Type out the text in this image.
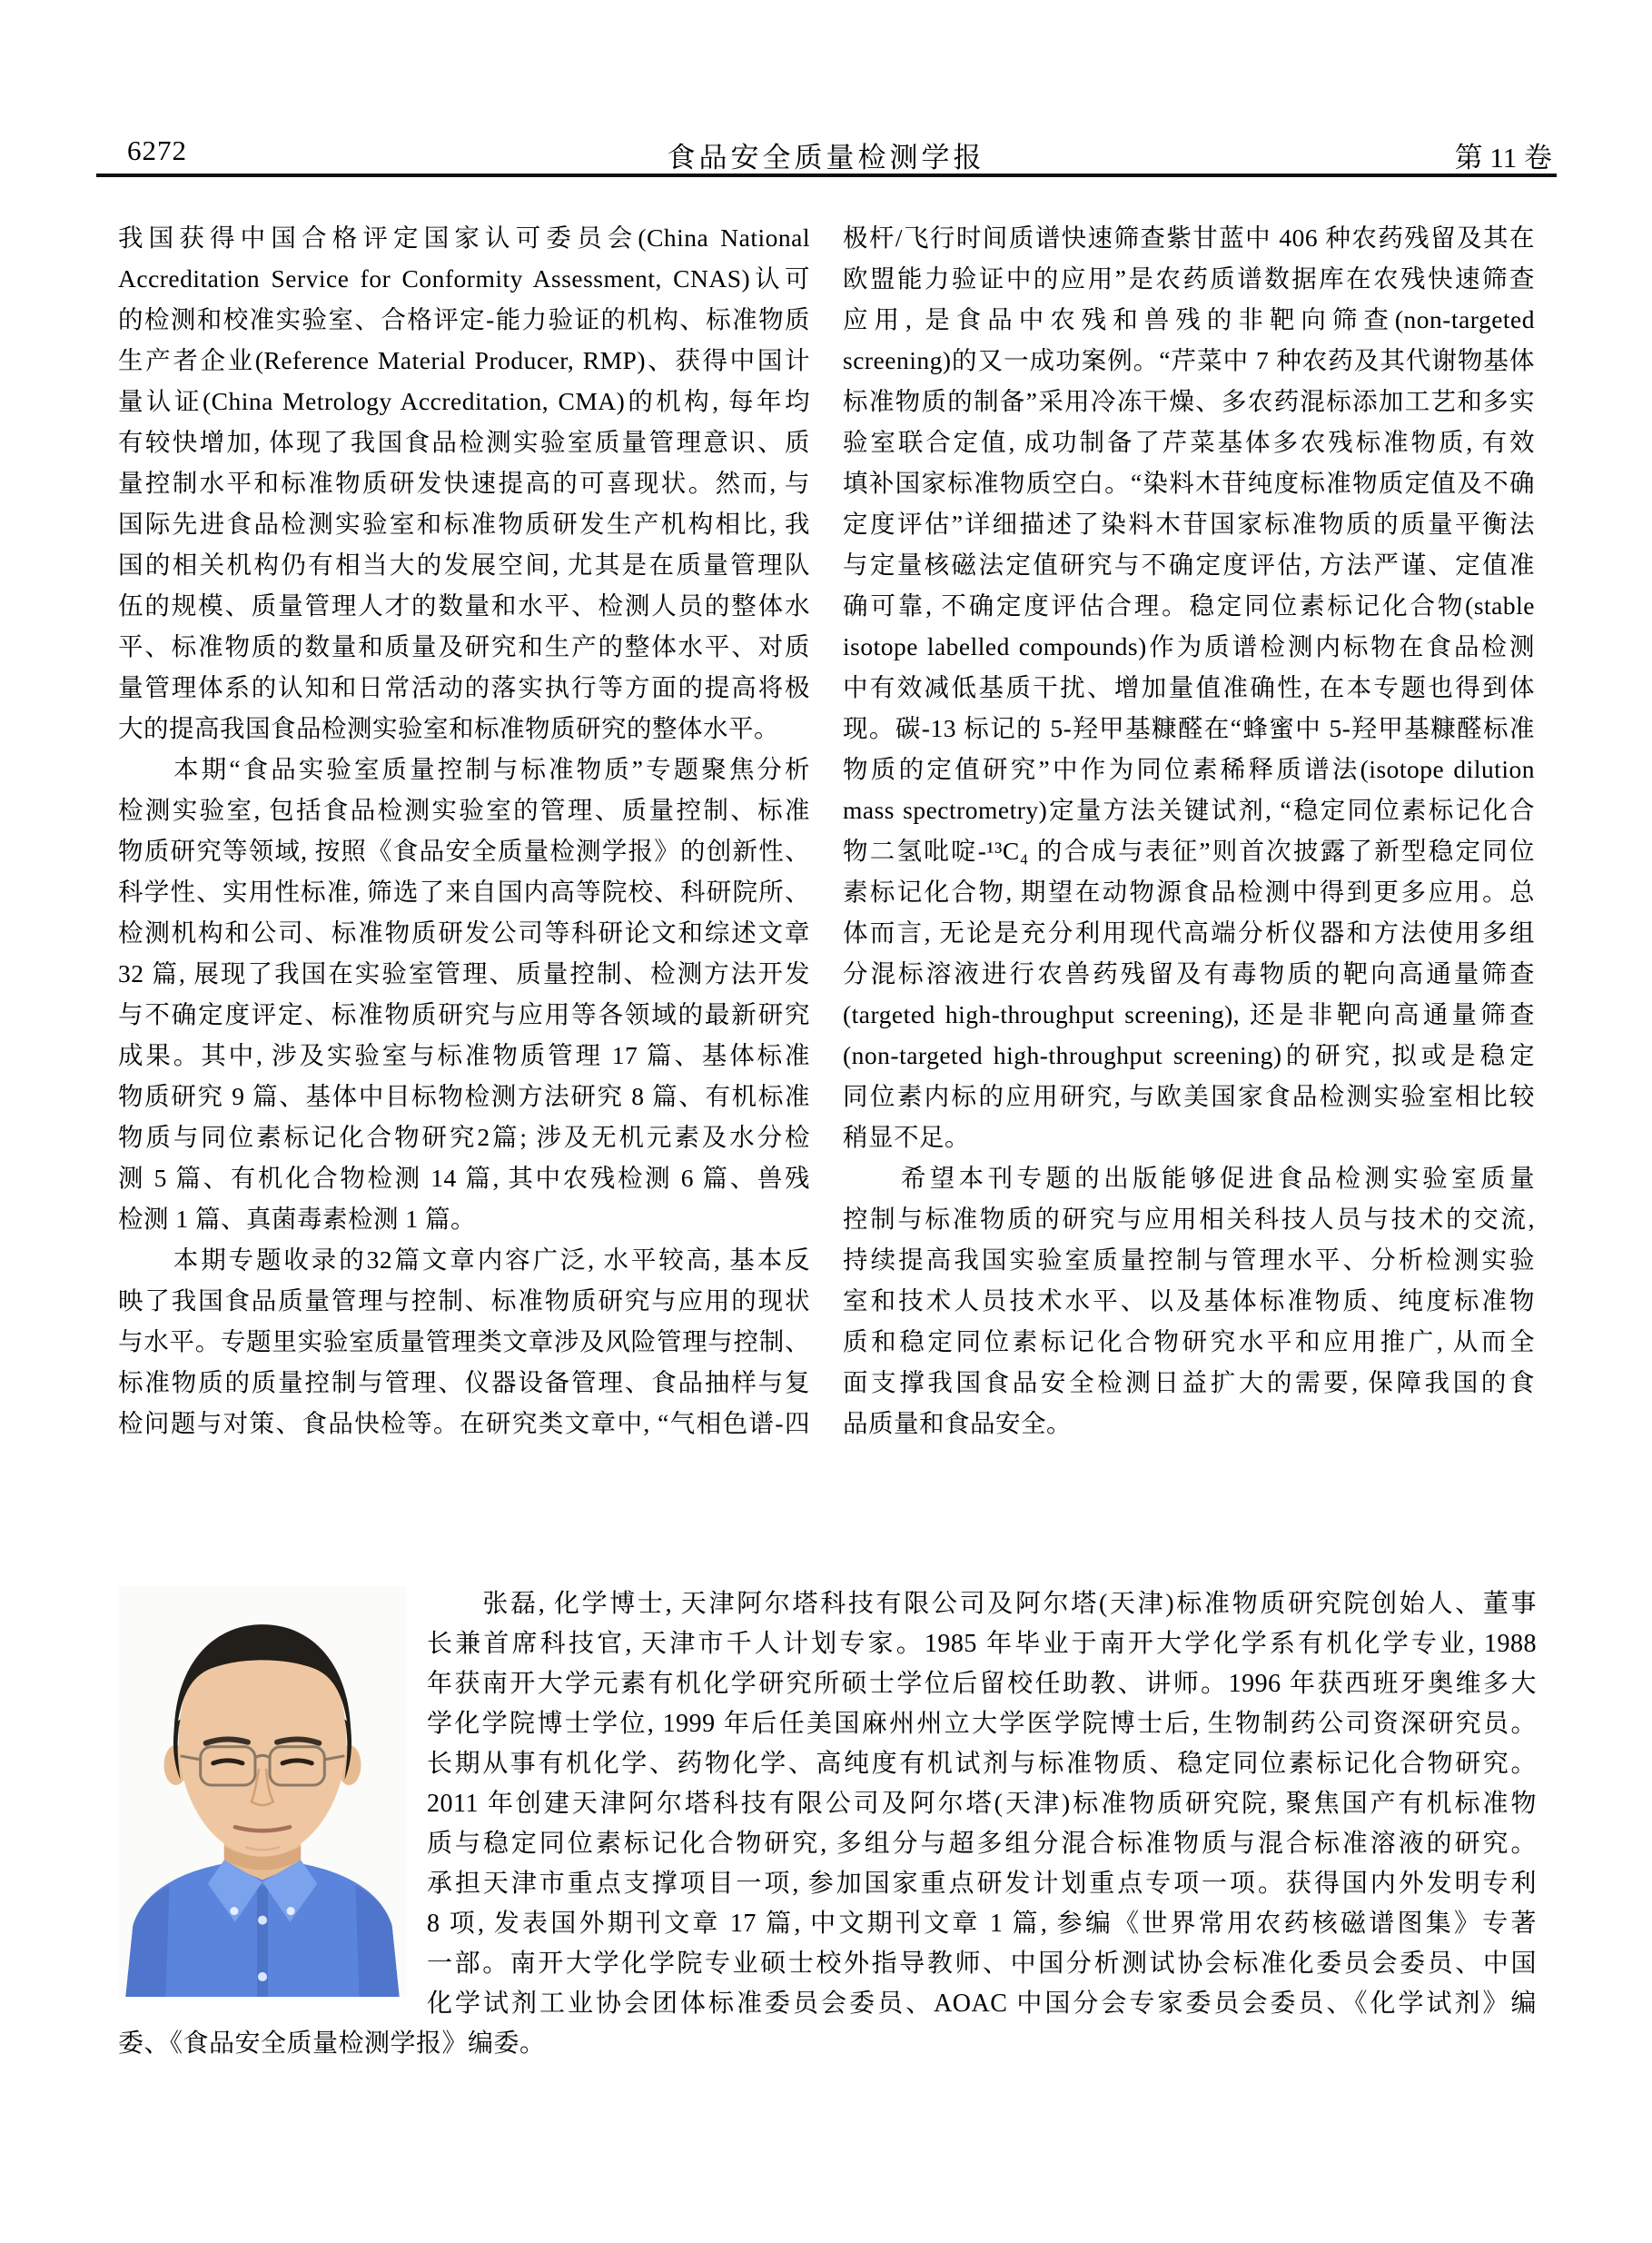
6272	食品安全质量检测学报	第 11 卷
我国获得中国合格评定国家认可委员会(China National
Accreditation Service for Conformity Assessment, CNAS)认可
的检测和校准实验室、合格评定-能力验证的机构、标准物质
生产者企业(Reference Material Producer, RMP)、获得中国计
量认证(China Metrology Accreditation, CMA)的机构, 每年均
有较快增加, 体现了我国食品检测实验室质量管理意识、质
量控制水平和标准物质研发快速提高的可喜现状。然而, 与
国际先进食品检测实验室和标准物质研发生产机构相比, 我
国的相关机构仍有相当大的发展空间, 尤其是在质量管理队
伍的规模、质量管理人才的数量和水平、检测人员的整体水
平、标准物质的数量和质量及研究和生产的整体水平、对质
量管理体系的认知和日常活动的落实执行等方面的提高将极
大的提高我国食品检测实验室和标准物质研究的整体水平。
　　本期“食品实验室质量控制与标准物质”专题聚焦分析
检测实验室, 包括食品检测实验室的管理、质量控制、标准
物质研究等领域, 按照《食品安全质量检测学报》的创新性、
科学性、实用性标准, 筛选了来自国内高等院校、科研院所、
检测机构和公司、标准物质研发公司等科研论文和综述文章
32 篇, 展现了我国在实验室管理、质量控制、检测方法开发
与不确定度评定、标准物质研究与应用等各领域的最新研究
成果。其中, 涉及实验室与标准物质管理 17 篇、基体标准
物质研究 9 篇、基体中目标物检测方法研究 8 篇、有机标准
物质与同位素标记化合物研究2篇; 涉及无机元素及水分检
测 5 篇、有机化合物检测 14 篇, 其中农残检测 6 篇、兽残
检测 1 篇、真菌毒素检测 1 篇。
　　本期专题收录的32篇文章内容广泛, 水平较高, 基本反
映了我国食品质量管理与控制、标准物质研究与应用的现状
与水平。专题里实验室质量管理类文章涉及风险管理与控制、
标准物质的质量控制与管理、仪器设备管理、食品抽样与复
检问题与对策、食品快检等。在研究类文章中, “气相色谱-四
极杆/飞行时间质谱快速筛查紫甘蓝中 406 种农药残留及其在
欧盟能力验证中的应用”是农药质谱数据库在农残快速筛查
应用, 是食品中农残和兽残的非靶向筛查(non-targeted
screening)的又一成功案例。“芹菜中 7 种农药及其代谢物基体
标准物质的制备”采用冷冻干燥、多农药混标添加工艺和多实
验室联合定值, 成功制备了芹菜基体多农残标准物质, 有效
填补国家标准物质空白。“染料木苷纯度标准物质定值及不确
定度评估”详细描述了染料木苷国家标准物质的质量平衡法
与定量核磁法定值研究与不确定度评估, 方法严谨、定值准
确可靠, 不确定度评估合理。稳定同位素标记化合物(stable
isotope labelled compounds)作为质谱检测内标物在食品检测
中有效减低基质干扰、增加量值准确性, 在本专题也得到体
现。碳-13 标记的 5-羟甲基糠醛在“蜂蜜中 5-羟甲基糠醛标准
物质的定值研究”中作为同位素稀释质谱法(isotope dilution
mass spectrometry)定量方法关键试剂, “稳定同位素标记化合
物二氢吡啶-¹³C₄ 的合成与表征”则首次披露了新型稳定同位
素标记化合物, 期望在动物源食品检测中得到更多应用。总
体而言, 无论是充分利用现代高端分析仪器和方法使用多组
分混标溶液进行农兽药残留及有毒物质的靶向高通量筛查
(targeted high-throughput screening), 还是非靶向高通量筛查
(non-targeted high-throughput screening)的研究, 拟或是稳定
同位素内标的应用研究, 与欧美国家食品检测实验室相比较
稍显不足。
　　希望本刊专题的出版能够促进食品检测实验室质量
控制与标准物质的研究与应用相关科技人员与技术的交流,
持续提高我国实验室质量控制与管理水平、分析检测实验
室和技术人员技术水平、以及基体标准物质、纯度标准物
质和稳定同位素标记化合物研究水平和应用推广, 从而全
面支撑我国食品安全检测日益扩大的需要, 保障我国的食
品质量和食品安全。
　　张磊, 化学博士, 天津阿尔塔科技有限公司及阿尔塔(天津)标准物质研究院创始人、董事
长兼首席科技官, 天津市千人计划专家。1985 年毕业于南开大学化学系有机化学专业, 1988
年获南开大学元素有机化学研究所硕士学位后留校任助教、讲师。1996 年获西班牙奥维多大
学化学院博士学位, 1999 年后任美国麻州州立大学医学院博士后, 生物制药公司资深研究员。
长期从事有机化学、药物化学、高纯度有机试剂与标准物质、稳定同位素标记化合物研究。
2011 年创建天津阿尔塔科技有限公司及阿尔塔(天津)标准物质研究院, 聚焦国产有机标准物
质与稳定同位素标记化合物研究, 多组分与超多组分混合标准物质与混合标准溶液的研究。
承担天津市重点支撑项目一项, 参加国家重点研发计划重点专项一项。获得国内外发明专利
8 项, 发表国外期刊文章 17 篇, 中文期刊文章 1 篇, 参编《世界常用农药核磁谱图集》专著
一部。南开大学化学院专业硕士校外指导教师、中国分析测试协会标准化委员会委员、中国
化学试剂工业协会团体标准委员会委员、AOAC 中国分会专家委员会委员、《化学试剂》编
委、《食品安全质量检测学报》编委。
